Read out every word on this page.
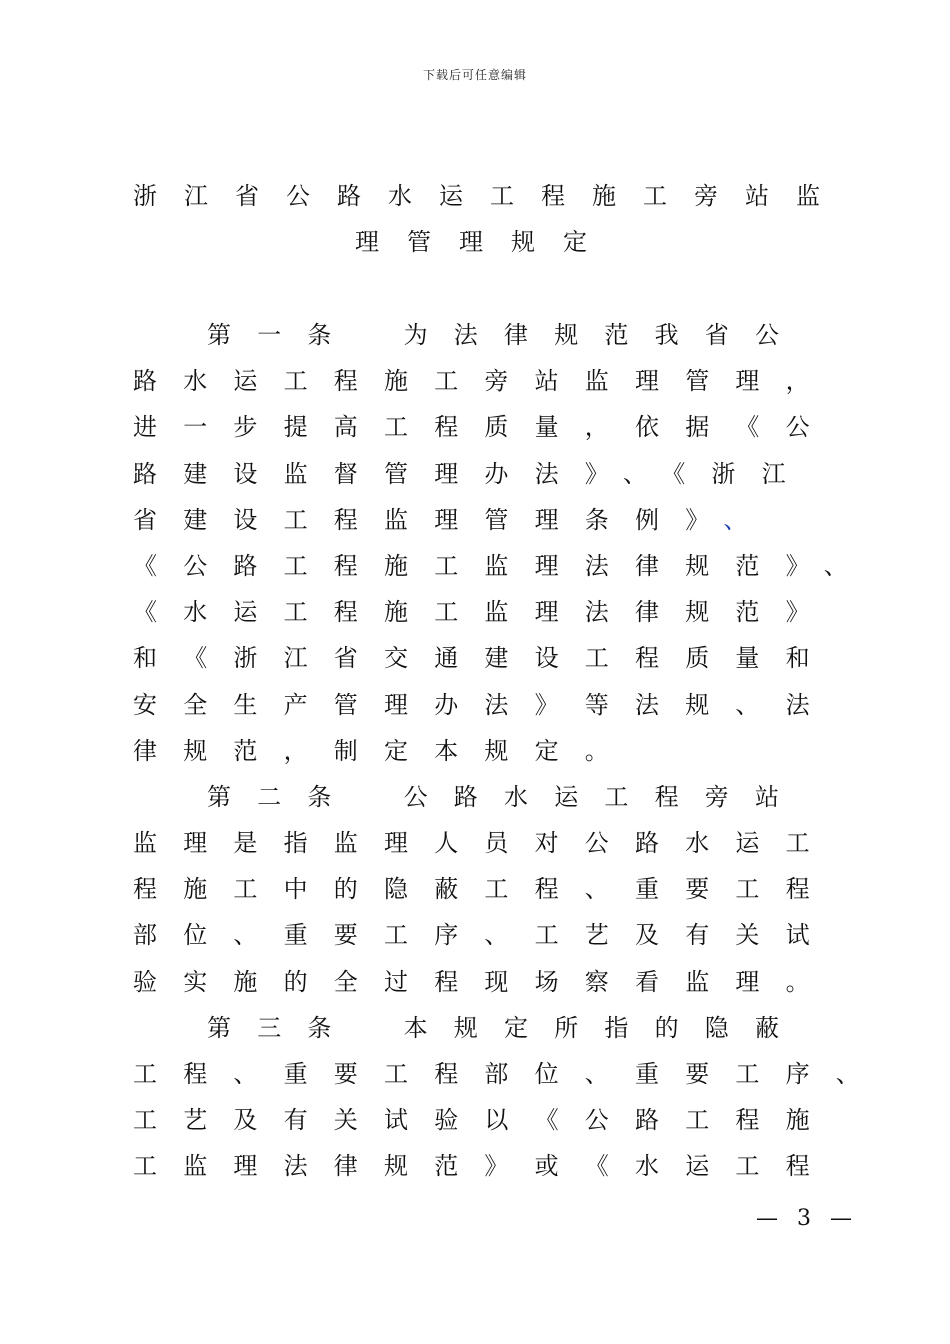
下载后可任意编辑
浙江省公路水运工程施工旁站监
理管理规定
第一条 为法律规范我省公
路水运工程施工旁站监理管理，
进一步提高工程质量，依据《公
路建设监督管理办法》、《浙江
省建设工程监理管理条例》、
《公路工程施工监理法律规范》、
《水运工程施工监理法律规范》
和《浙江省交通建设工程质量和
安全生产管理办法》等法规、法
律规范，制定本规定。
第二条 公路水运工程旁站
监理是指监理人员对公路水运工
程施工中的隐蔽工程、重要工程
部位、重要工序、工艺及有关试
验实施的全过程现场察看监理。
第三条 本规定所指的隐蔽
工程、重要工程部位、重要工序、
工艺及有关试验以《公路工程施
工监理法律规范》或《水运工程
— 3 —
